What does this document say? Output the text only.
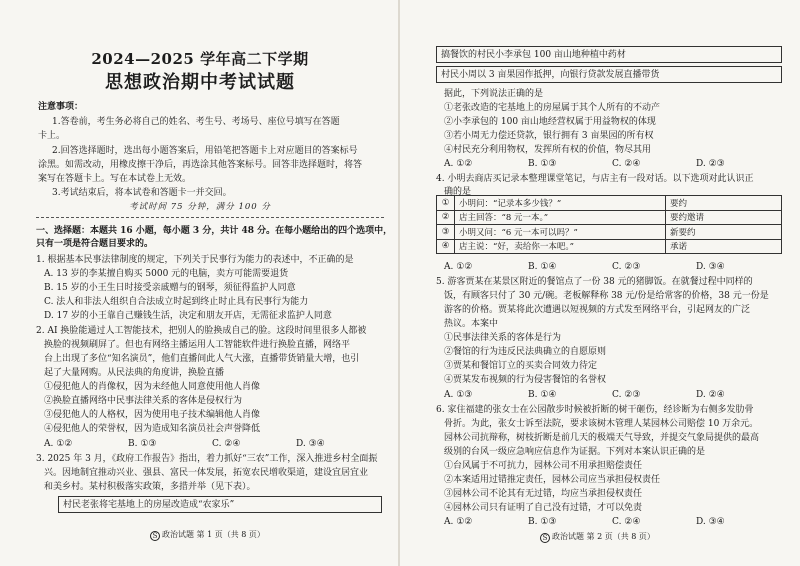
2024—2025 学年高二下学期
思想政治期中考试试题
注意事项：
1.答卷前，考生务必将自己的姓名、考生号、考场号、座位号填写在答题
卡上。
2.回答选择题时，选出每小题答案后，用铅笔把答题卡上对应题目的答案标号
涂黑。如需改动，用橡皮擦干净后，再选涂其他答案标号。回答非选择题时，将答
案写在答题卡上。写在本试卷上无效。
3.考试结束后，将本试卷和答题卡一并交回。
考试时间 75 分钟，满分 100 分
一、选择题：本题共 16 小题，每小题 3 分，共计 48 分。在每小题给出的四个选项中，
只有一项是符合题目要求的。
1. 根据基本民事法律制度的规定，下列关于民事行为能力的表述中，不正确的是
A. 13 岁的李某擅自购买 5000 元的电脑，卖方可能需要退货
B. 15 岁的小王生日时接受亲戚赠与的钢琴，须征得监护人同意
C. 法人和非法人组织自合法成立时起到终止时止具有民事行为能力
D. 17 岁的小王靠自己赚钱生活，决定和朋友开店，无需征求监护人同意
2. AI 换脸能通过人工智能技术，把别人的脸换成自己的脸。这段时间里很多人都被
换脸的视频刷屏了。但也有网络主播运用人工智能软件进行换脸直播，网络平
台上出现了多位“知名演员”，他们直播间此人气大涨，直播带货销量大增，也引
起了大量网购。从民法典的角度讲，换脸直播
①侵犯他人的肖像权，因为未经他人同意使用他人肖像
②换脸直播网络中民事法律关系的客体是侵权行为
③侵犯他人的人格权，因为使用电子技术编辑他人肖像
④侵犯他人的荣誉权，因为造成知名演员社会声誉降低
A. ①②	B. ①③	C. ②④	D. ③④
3. 2025 年 3 月，《政府工作报告》指出，着力抓好“三农”工作，深入推进乡村全面振
兴。因地制宜推动兴业、强县、富民一体发展，拓宽农民增收渠道，建设宜居宜业
和美乡村。某村积极落实政策，多措并举（见下表）。
村民老张将宅基地上的房屋改造成“农家乐”
S 政治试题 第 1 页（共 8 页）
搞餐饮的村民小李承包 100 亩山地种植中药材
村民小周以 3 亩果园作抵押，向银行贷款发展直播带货
据此，下列说法正确的是
①老张改造的宅基地上的房屋属于其个人所有的不动产
②小李承包的 100 亩山地经营权属于用益物权的体现
③若小周无力偿还贷款，银行拥有 3 亩果园的所有权
④村民充分利用物权，发挥所有权的价值，物尽其用
A. ①②	B. ①③	C. ②④	D. ②③
4. 小明去商店买记录本整理课堂笔记，与店主有一段对话。以下选项对此认识正
确的是
①	小明问：“记录本多少钱？”	要约
②	店主回答：“8 元一本。”	要约邀请
③	小明又问：“6 元一本可以吗？”	新要约
④	店主说：“好，卖给你一本吧。”	承诺
A. ①②	B. ①④	C. ②③	D. ③④
5. 游客贾某在某景区附近的餐馆点了一份 38 元的猪脚饭。在就餐过程中同样的
饭，有顾客只付了 30 元/碗。老板解释称 38 元/份是给常客的价格，38 元一份是
游客的价格。贾某将此次遭遇以短视频的方式发至网络平台，引起网友的广泛
热议。本案中
①民事法律关系的客体是行为
②餐馆的行为违反民法典确立的自愿原则
③贾某和餐馆订立的买卖合同效力待定
④贾某发布视频的行为侵害餐馆的名誉权
A. ①③	B. ①④	C. ②③	D. ②④
6. 家住福建的张女士在公园散步时候被折断的树干砸伤，经诊断为右侧多发肋骨
骨折。为此，张女士诉至法院，要求该树木管理人某园林公司赔偿 10 万余元。
园林公司抗辩称，树枝折断是前几天的极端天气导致，并提交气象局提供的最高
级别的台风一级应急响应信息作为证据。下列对本案认识正确的是
①台风属于不可抗力，园林公司不用承担赔偿责任
②本案适用过错推定责任，园林公司应当承担侵权责任
③园林公司不论其有无过错，均应当承担侵权责任
④园林公司只有证明了自己没有过错，才可以免责
A. ①②	B. ①③	C. ②④	D. ③④
S 政治试题 第 2 页（共 8 页）
